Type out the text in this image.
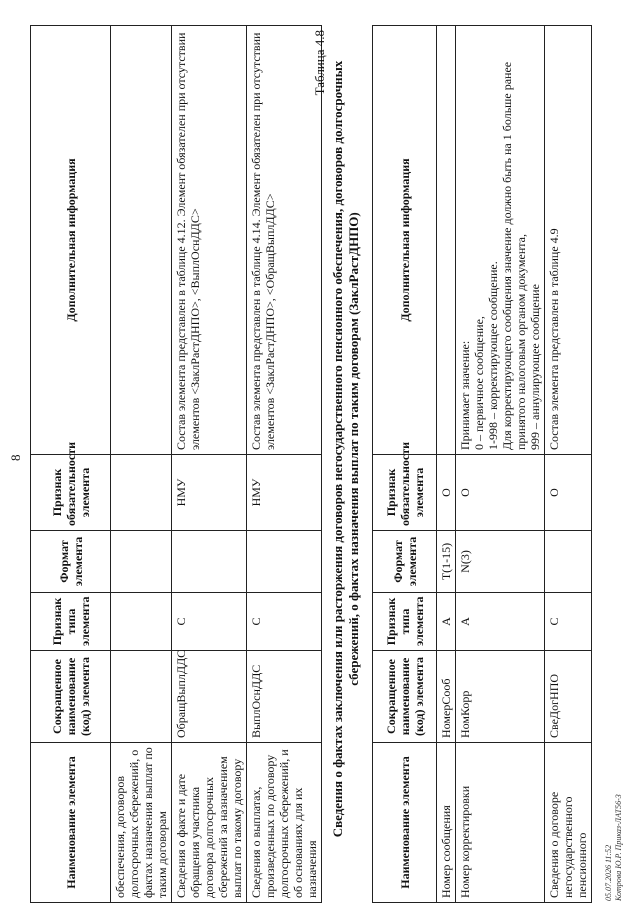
8
Наименование элемента	Сокращенное наименование (код) элемента	Признак типа элемента	Формат элемента	Признак обязательности элемента	Дополнительная информация
обеспечения, договоров долгосрочных сбережений, о фактах назначения выплат по таким договорам					
Сведения о факте и дате обращения участника договора долгосрочных сбережений за назначением выплат по такому договору	ОбращВыплДДС	С		НМУ	Состав элемента представлен в таблице 4.12. Элемент обязателен при отсутствии элементов <ЗаклРастДНПО>, <ВыплОснДДС>
Сведения о выплатах, произведенных по договору долгосрочных сбережений, и об основаниях для их назначения	ВыплОснДДС	С		НМУ	Состав элемента представлен в таблице 4.14. Элемент обязателен при отсутствии элементов <ЗаклРастДНПО>, <ОбращВыплДДС>
Таблица 4.8 Сведения о фактах заключения или расторжения договоров негосударственного пенсионного обеспечения, договоров долгосрочных сбережений, о фактах назначения выплат по таким договорам (ЗаклРастДНПО)
Наименование элемента	Сокращенное наименование (код) элемента	Признак типа элемента	Формат элемента	Признак обязательности элемента	Дополнительная информация
Номер сообщения	НомерСооб	А	T(1-15)	О	
Номер корректировки	НомКорр	А	N(3)	О	Принимает значение: 0 – первичное сообщение, 1-998 – корректирующее сообщение. Для корректирующего сообщения значение должно быть на 1 больше ранее принятого налоговым органом документа, 999 – аннулирующее сообщение

Сведения о договоре негосударственного пенсионного	СвеДогНПО	С		О	Состав элемента представлен в таблице 4.9
05.07.2026 11:52 Котрова Ю.Р. Приказ-ЛАТ56-3
